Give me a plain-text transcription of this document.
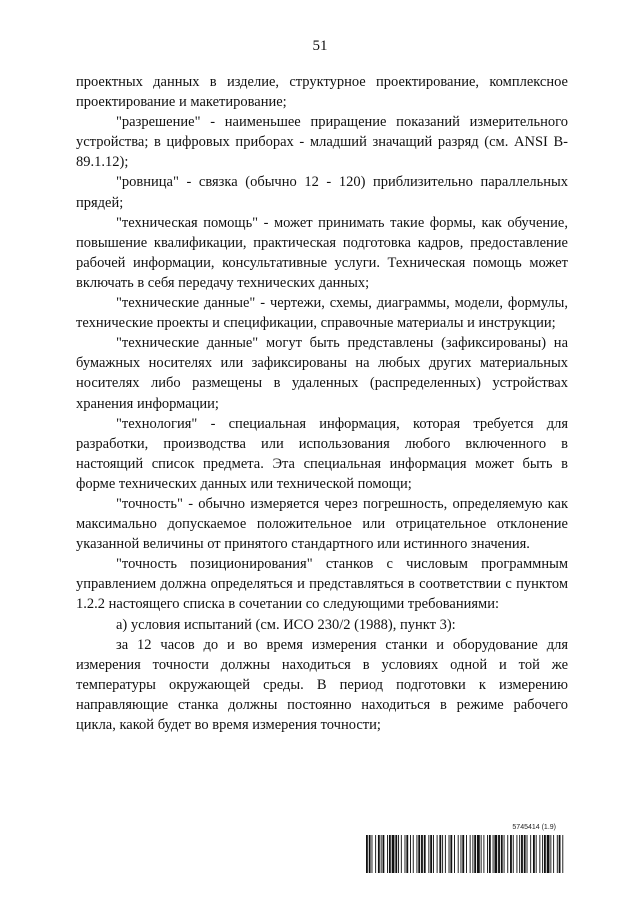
51

проектных данных в изделие, структурное проектирование, комплексное проектирование и макетирование;

"разрешение" - наименьшее приращение показаний измерительного устройства; в цифровых приборах - младший значащий разряд (см. ANSI B-89.1.12);

"ровница" - связка (обычно 12 - 120) приблизительно параллельных прядей;

"техническая помощь" - может принимать такие формы, как обучение, повышение квалификации, практическая подготовка кадров, предоставление рабочей информации, консультативные услуги. Техническая помощь может включать в себя передачу технических данных;

"технические данные" - чертежи, схемы, диаграммы, модели, формулы, технические проекты и спецификации, справочные материалы и инструкции;

"технические данные" могут быть представлены (зафиксированы) на бумажных носителях или зафиксированы на любых других материальных носителях либо размещены в удаленных (распределенных) устройствах хранения информации;

"технология" - специальная информация, которая требуется для разработки, производства или использования любого включенного в настоящий список предмета. Эта специальная информация может быть в форме технических данных или технической помощи;

"точность" - обычно измеряется через погрешность, определяемую как максимально допускаемое положительное или отрицательное отклонение указанной величины от принятого стандартного или истинного значения.

"точность позиционирования" станков с числовым программным управлением должна определяться и представляться в соответствии с пунктом 1.2.2 настоящего списка в сочетании со следующими требованиями:

а) условия испытаний (см. ИСО 230/2 (1988), пункт 3):

за 12 часов до и во время измерения станки и оборудование для измерения точности должны находиться в условиях одной и той же температуры окружающей среды. В период подготовки к измерению направляющие станка должны постоянно находиться в режиме рабочего цикла, какой будет во время измерения точности;

5745414 (1.9)
